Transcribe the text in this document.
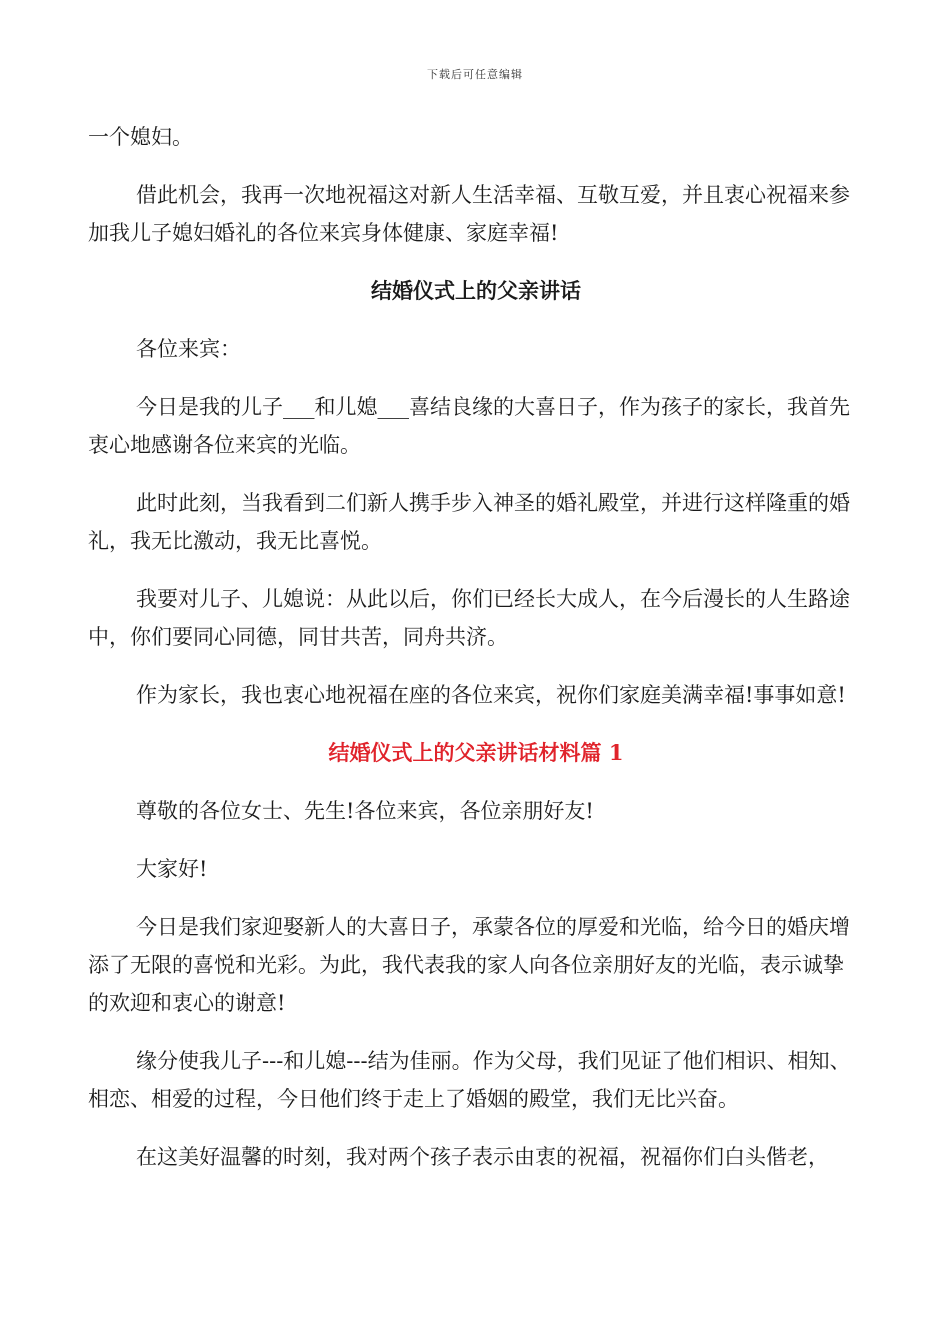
下载后可任意编辑

一个媳妇。

借此机会，我再一次地祝福这对新人生活幸福、互敬互爱，并且衷心祝福来参加我儿子媳妇婚礼的各位来宾身体健康、家庭幸福!

结婚仪式上的父亲讲话

各位来宾：

今日是我的儿子___和儿媳___喜结良缘的大喜日子，作为孩子的家长，我首先衷心地感谢各位来宾的光临。

此时此刻，当我看到二们新人携手步入神圣的婚礼殿堂，并进行这样隆重的婚礼，我无比激动，我无比喜悦。

我要对儿子、儿媳说：从此以后，你们已经长大成人，在今后漫长的人生路途中，你们要同心同德，同甘共苦，同舟共济。

作为家长，我也衷心地祝福在座的各位来宾，祝你们家庭美满幸福!事事如意!

结婚仪式上的父亲讲话材料篇 1

尊敬的各位女士、先生!各位来宾，各位亲朋好友!

大家好!

今日是我们家迎娶新人的大喜日子，承蒙各位的厚爱和光临，给今日的婚庆增添了无限的喜悦和光彩。为此，我代表我的家人向各位亲朋好友的光临，表示诚挚的欢迎和衷心的谢意!

缘分使我儿子---和儿媳---结为佳丽。作为父母，我们见证了他们相识、相知、相恋、相爱的过程，今日他们终于走上了婚姻的殿堂，我们无比兴奋。

在这美好温馨的时刻，我对两个孩子表示由衷的祝福，祝福你们白头偕老，
